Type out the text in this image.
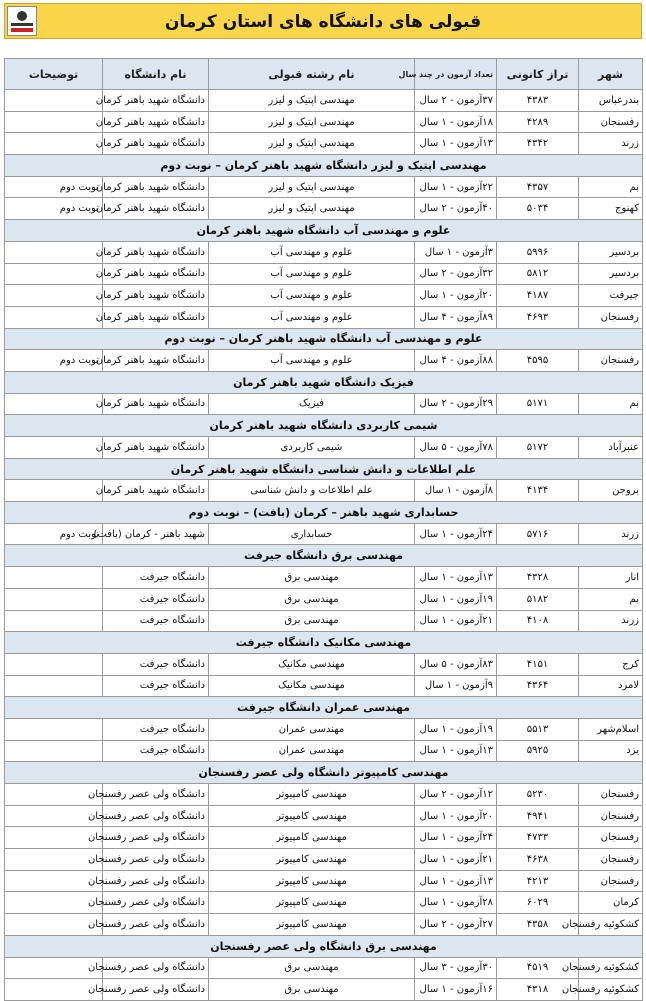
قبولی های دانشگاه های استان کرمان
شهر	تراز کانونی	تعداد آزمون در چند سال	نام رشته قبولی	نام دانشگاه	توضیحات
بندرعباس	۴۳۸۳	۳۷آزمون - ۲ سال	مهندسی اپتیک و لیزر	دانشگاه شهید باهنر کرمان	
رفسنجان	۴۲۸۹	۱۸آزمون - ۱ سال	مهندسی اپتیک و لیزر	دانشگاه شهید باهنر کرمان	
زرند	۴۳۴۲	۱۳آزمون - ۱ سال	مهندسی اپتیک و لیزر	دانشگاه شهید باهنر کرمان	
مهندسی اپتیک و لیزر دانشگاه شهید باهنر کرمان – نوبت دوم					
بم	۴۳۵۷	۲۲آزمون - ۱ سال	مهندسی اپتیک و لیزر	دانشگاه شهید باهنر کرمان	نوبت دوم
کهنوج	۵۰۳۴	۴۰آزمون - ۲ سال	مهندسی اپتیک و لیزر	دانشگاه شهید باهنر کرمان	نوبت دوم
علوم و مهندسی آب دانشگاه شهید باهنر کرمان					
بردسیر	۵۹۹۶	۳آزمون - ۱ سال	علوم و مهندسی آب	دانشگاه شهید باهنر کرمان	
بردسیر	۵۸۱۲	۳۲آزمون - ۲ سال	علوم و مهندسی آب	دانشگاه شهید باهنر کرمان	
جیرفت	۴۱۸۷	۲۰آزمون - ۱ سال	علوم و مهندسی آب	دانشگاه شهید باهنر کرمان	
رفسنجان	۴۶۹۳	۸۹آزمون - ۴ سال	علوم و مهندسی آب	دانشگاه شهید باهنر کرمان	
علوم و مهندسی آب دانشگاه شهید باهنر کرمان – نوبت دوم					
رفسنجان	۴۵۹۵	۸۸آزمون - ۴ سال	علوم و مهندسی آب	دانشگاه شهید باهنر کرمان	نوبت دوم
فیزیک دانشگاه شهید باهنر کرمان					
بم	۵۱۷۱	۲۹آزمون - ۲ سال	فیزیک	دانشگاه شهید باهنر کرمان	
شیمی کاربردی دانشگاه شهید باهنر کرمان					
عنبرآباد	۵۱۷۲	۷۸آزمون - ۵ سال	شیمی کاربردی	دانشگاه شهید باهنر کرمان	
علم اطلاعات و دانش شناسی دانشگاه شهید باهنر کرمان					
بروجن	۴۱۳۴	۸آزمون - ۱ سال	علم اطلاعات و دانش شناسی	دانشگاه شهید باهنر کرمان	
حسابداری شهید باهنر – کرمان (بافت) – نوبت دوم					
زرند	۵۷۱۶	۲۴آزمون - ۱ سال	حسابداری	شهید باهنر - کرمان (بافت)	نوبت دوم
مهندسی برق دانشگاه جیرفت					
انار	۴۳۲۸	۱۳آزمون - ۱ سال	مهندسی برق	دانشگاه جیرفت	
بم	۵۱۸۲	۱۹آزمون - ۱ سال	مهندسی برق	دانشگاه جیرفت	
زرند	۴۱۰۸	۲۱آزمون - ۱ سال	مهندسی برق	دانشگاه جیرفت	
مهندسی مکانیک دانشگاه جیرفت					
کرج	۴۱۵۱	۸۳آزمون - ۵ سال	مهندسی مکانیک	دانشگاه جیرفت	
لامرد	۴۳۶۴	۹آزمون - ۱ سال	مهندسی مکانیک	دانشگاه جیرفت	
مهندسی عمران دانشگاه جیرفت					
اسلام‌شهر	۵۵۱۳	۱۹آزمون - ۱ سال	مهندسی عمران	دانشگاه جیرفت	
یزد	۵۹۲۵	۱۳آزمون - ۱ سال	مهندسی عمران	دانشگاه جیرفت	
مهندسی کامپیوتر دانشگاه ولی عصر رفسنجان					
رفسنجان	۵۲۳۰	۱۲آزمون - ۲ سال	مهندسی کامپیوتر	دانشگاه ولی عصر رفسنجان	
رفسنجان	۴۹۴۱	۲۰آزمون - ۱ سال	مهندسی کامپیوتر	دانشگاه ولی عصر رفسنجان	
رفسنجان	۴۷۳۳	۲۴آزمون - ۱ سال	مهندسی کامپیوتر	دانشگاه ولی عصر رفسنجان	
رفسنجان	۴۶۳۸	۲۱آزمون - ۱ سال	مهندسی کامپیوتر	دانشگاه ولی عصر رفسنجان	
رفسنجان	۴۲۱۳	۱۳آزمون - ۱ سال	مهندسی کامپیوتر	دانشگاه ولی عصر رفسنجان	
کرمان	۶۰۲۹	۲۸آزمون - ۱ سال	مهندسی کامپیوتر	دانشگاه ولی عصر رفسنجان	
کشکوئیه رفسنجان	۴۳۵۸	۲۷آزمون - ۲ سال	مهندسی کامپیوتر	دانشگاه ولی عصر رفسنجان	
مهندسی برق دانشگاه ولی عصر رفسنجان					
کشکوئیه رفسنجان	۴۵۱۹	۳۰آزمون - ۳ سال	مهندسی برق	دانشگاه ولی عصر رفسنجان	
کشکوئیه رفسنجان	۴۳۱۸	۱۶آزمون - ۱ سال	مهندسی برق	دانشگاه ولی عصر رفسنجان	
